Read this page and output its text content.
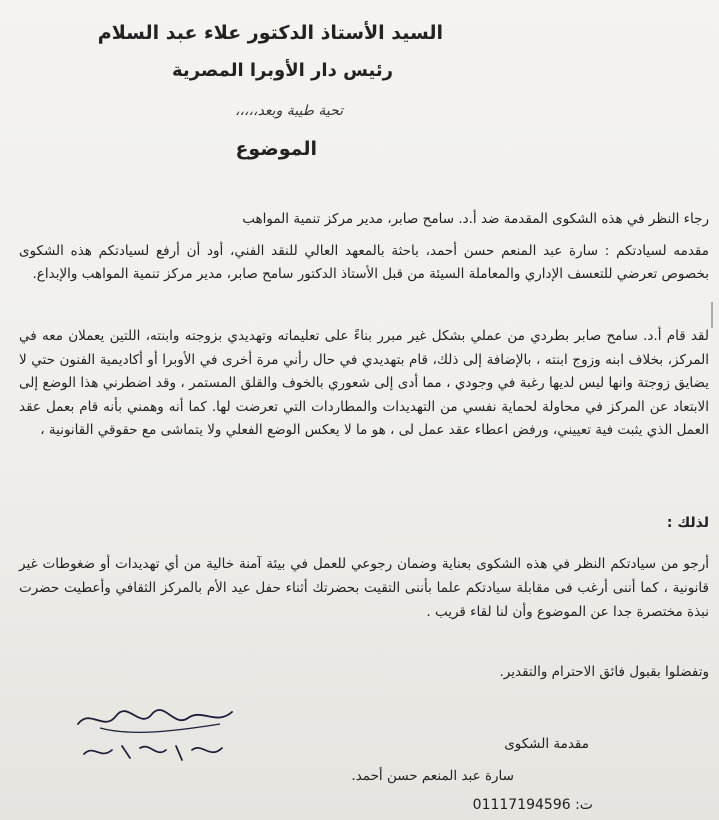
السيد الأستاذ الدكتور علاء عبد السلام
رئيس دار الأوبرا المصرية
تحية طيبة وبعد،،،،،
الموضوع

رجاء النظر في هذه الشكوى المقدمة ضد أ.د. سامح صابر، مدير مركز تنمية المواهب

مقدمه لسيادتكم : سارة عبد المنعم حسن أحمد، باحثة بالمعهد العالي للنقد الفني، أود أن أرفع لسيادتكم هذه الشكوى بخصوص تعرضي للتعسف الإداري والمعاملة السيئة من قبل الأستاذ الدكتور سامح صابر، مدير مركز تنمية المواهب والإبداع.

لقد قام أ.د. سامح صابر بطردي من عملي بشكل غير مبرر بناءً على تعليماته وتهديدي بزوجته وابنته، اللتين يعملان معه في المركز، بخلاف ابنه وزوج ابنته ، بالإضافة إلى ذلك، قام بتهديدي في حال رأني مرة أخرى في الأوبرا أو أكاديمية الفنون حتي لا يضايق زوجتة وانها ليس لديها رغبة في وجودي ، مما أدى إلى شعوري بالخوف والقلق المستمر ، وقد اضطرني هذا الوضع إلى الابتعاد عن المركز في محاولة لحماية نفسي من التهديدات والمطاردات التي تعرضت لها. كما أنه وهمني بأنه قام بعمل عقد العمل الذي يثبت فية تعييني، ورفض اعطاء عقد عمل لى ، هو ما لا يعكس الوضع الفعلي ولا يتماشى مع حقوقي القانونية ،

لذلك :

أرجو من سيادتكم النظر في هذه الشكوى بعناية وضمان رجوعي للعمل في بيئة آمنة خالية من أي تهديدات أو ضغوطات غير قانونية ، كما أننى أرغب فى مقابلة سيادتكم علما بأننى التقيت بحضرتك أثناء حفل عيد الأم بالمركز الثقافي وأعطيت حضرت نبذة مختصرة جدا عن الموضوع وأن لنا لقاء قريب .

وتفضلوا بقبول فائق الاحترام والتقدير.

مقدمة الشكوى
سارة عبد المنعم حسن أحمد.
ت: 01117194596
